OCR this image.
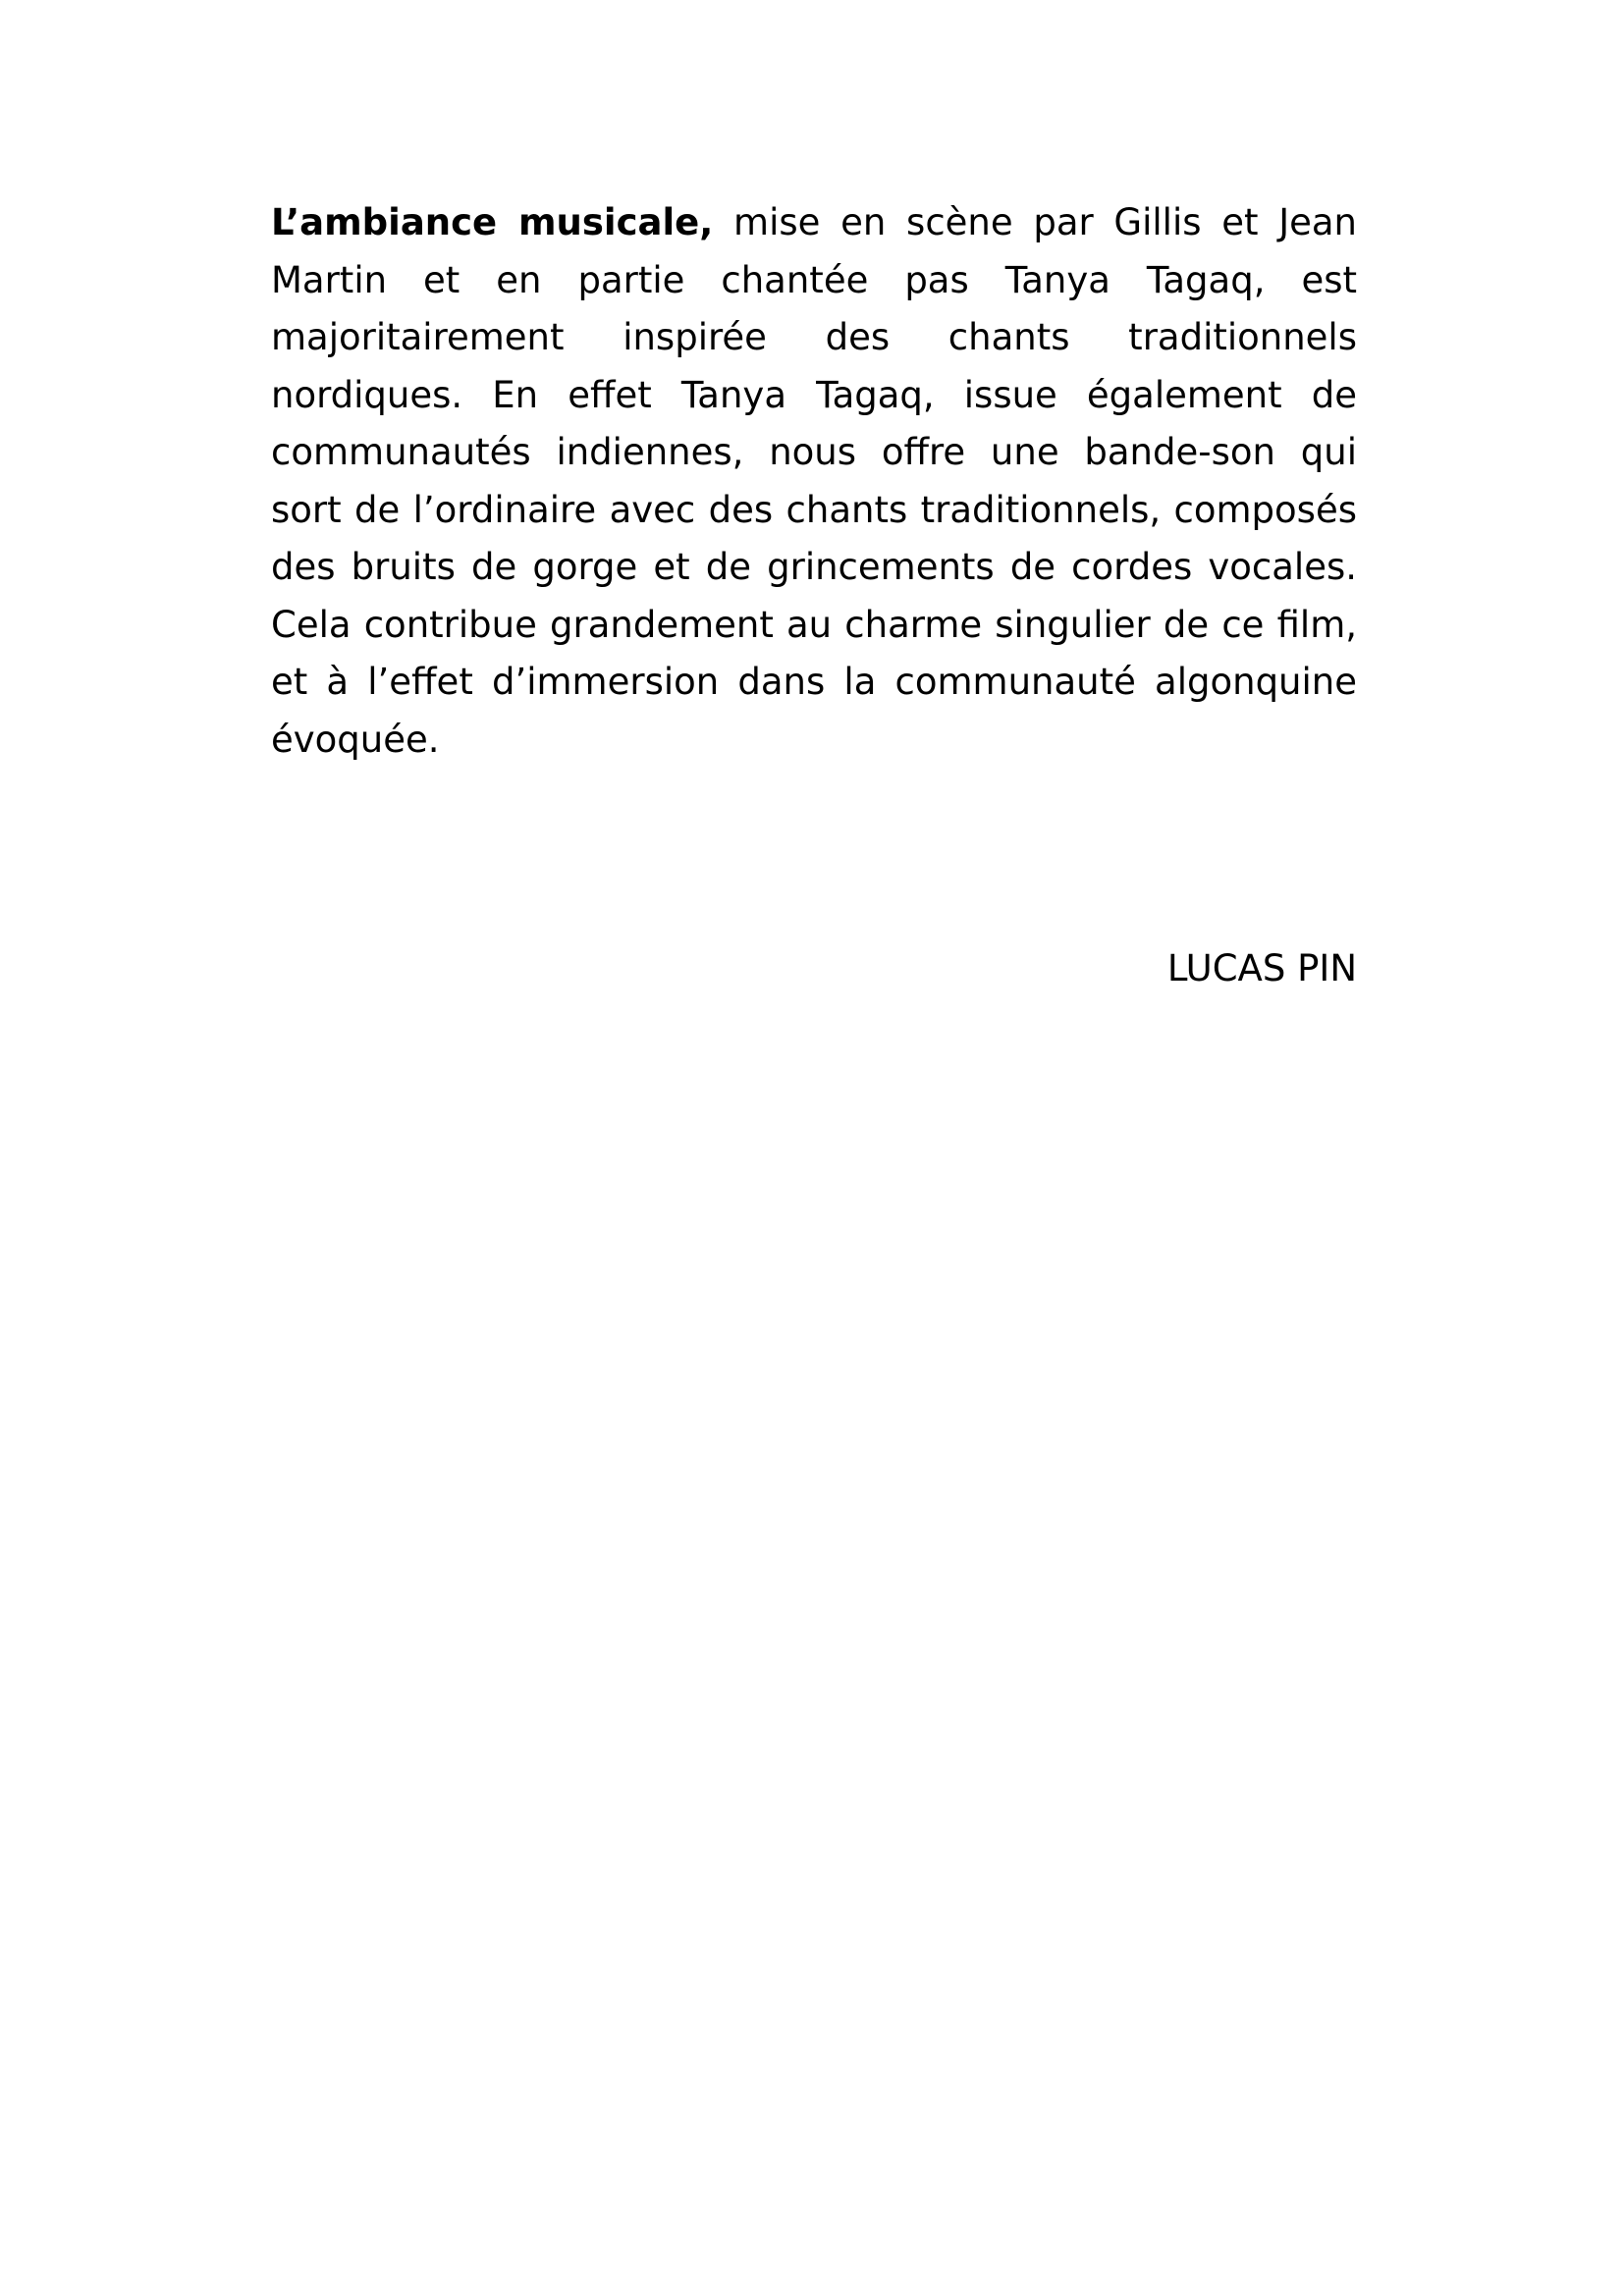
L’ambiance musicale, mise en scène par Gillis et Jean Martin et en partie chantée pas Tanya Tagaq, est majoritairement inspirée des chants traditionnels nordiques. En effet Tanya Tagaq, issue également de communautés indiennes, nous offre une bande-son qui sort de l’ordinaire avec des chants traditionnels, composés des bruits de gorge et de grincements de cordes vocales. Cela contribue grandement au charme singulier de ce film, et à l’effet d’immersion dans la communauté algonquine évoquée.

LUCAS PIN
